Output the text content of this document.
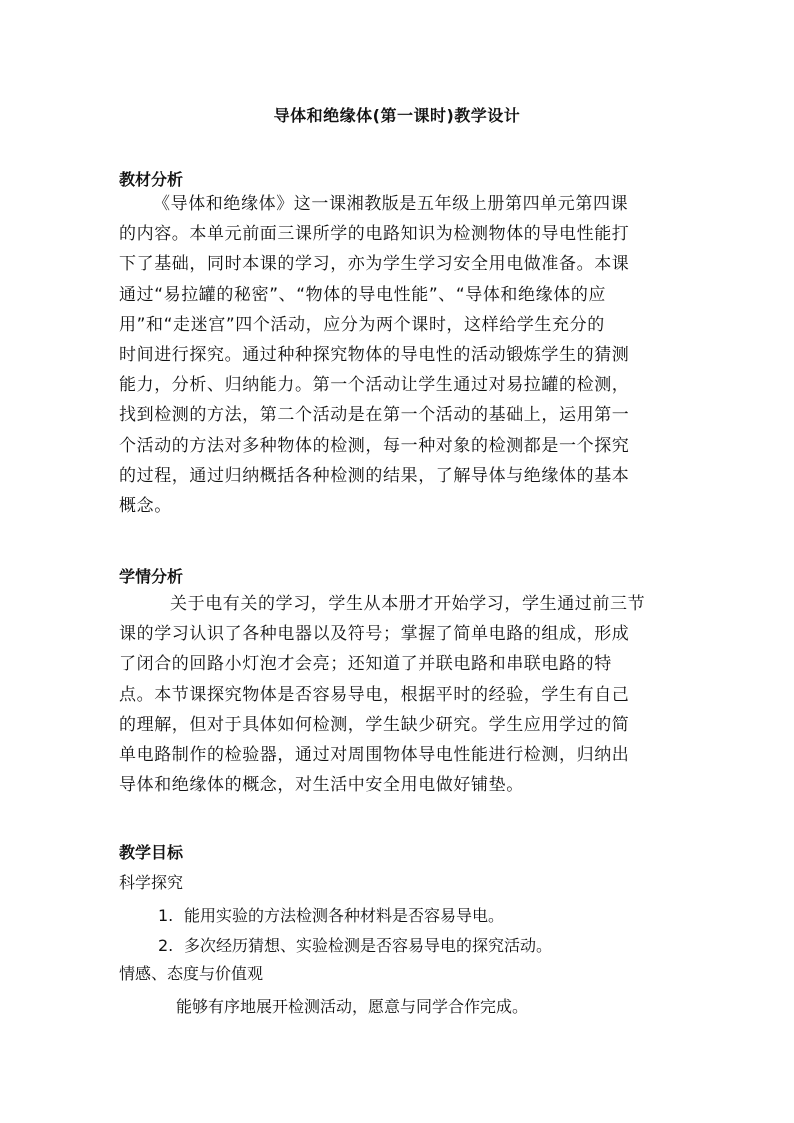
导体和绝缘体(第一课时)教学设计
教材分析
《导体和绝缘体》这一课湘教版是五年级上册第四单元第四课
的内容。本单元前面三课所学的电路知识为检测物体的导电性能打
下了基础，同时本课的学习，亦为学生学习安全用电做准备。本课
通过“易拉罐的秘密”、“物体的导电性能”、“导体和绝缘体的应
用”和“走迷宫”四个活动，应分为两个课时，这样给学生充分的
时间进行探究。通过种种探究物体的导电性的活动锻炼学生的猜测
能力，分析、归纳能力。第一个活动让学生通过对易拉罐的检测，
找到检测的方法，第二个活动是在第一个活动的基础上，运用第一
个活动的方法对多种物体的检测，每一种对象的检测都是一个探究
的过程，通过归纳概括各种检测的结果，了解导体与绝缘体的基本
概念。
学情分析
关于电有关的学习，学生从本册才开始学习，学生通过前三节
课的学习认识了各种电器以及符号；掌握了简单电路的组成，形成
了闭合的回路小灯泡才会亮；还知道了并联电路和串联电路的特
点。本节课探究物体是否容易导电，根据平时的经验，学生有自己
的理解，但对于具体如何检测，学生缺少研究。学生应用学过的简
单电路制作的检验器，通过对周围物体导电性能进行检测，归纳出
导体和绝缘体的概念，对生活中安全用电做好铺垫。
教学目标
科学探究
1. 能用实验的方法检测各种材料是否容易导电。
2. 多次经历猜想、实验检测是否容易导电的探究活动。
情感、态度与价值观
能够有序地展开检测活动，愿意与同学合作完成。
